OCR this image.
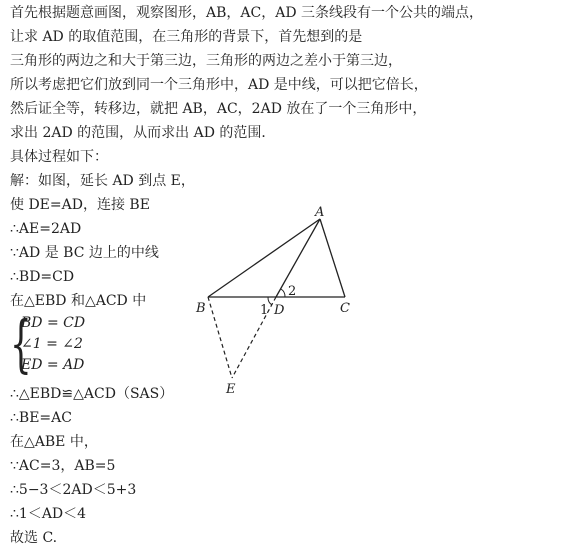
首先根据题意画图，观察图形，AB，AC，AD 三条线段有一个公共的端点，
让求 AD 的取值范围，在三角形的背景下，首先想到的是
三角形的两边之和大于第三边，三角形的两边之差小于第三边，
所以考虑把它们放到同一个三角形中，AD 是中线，可以把它倍长，
然后证全等，转移边，就把 AB，AC，2AD 放在了一个三角形中，
求出 2AD 的范围，从而求出 AD 的范围．
具体过程如下：
解：如图，延长 AD 到点 E，
使 DE=AD，连接 BE
∴AE=2AD
∵AD 是 BC 边上的中线
∴BD=CD
在△EBD 和△ACD 中
{
BD = CD
∠1 = ∠2
ED = AD
∴△EBD≌△ACD（SAS）
∴BE=AC
在△ABE 中，
∵AC=3，AB=5
∴5−3＜2AD＜5+3
∴1＜AD＜4
故选 C.
A
B	C
D
E
1
2
